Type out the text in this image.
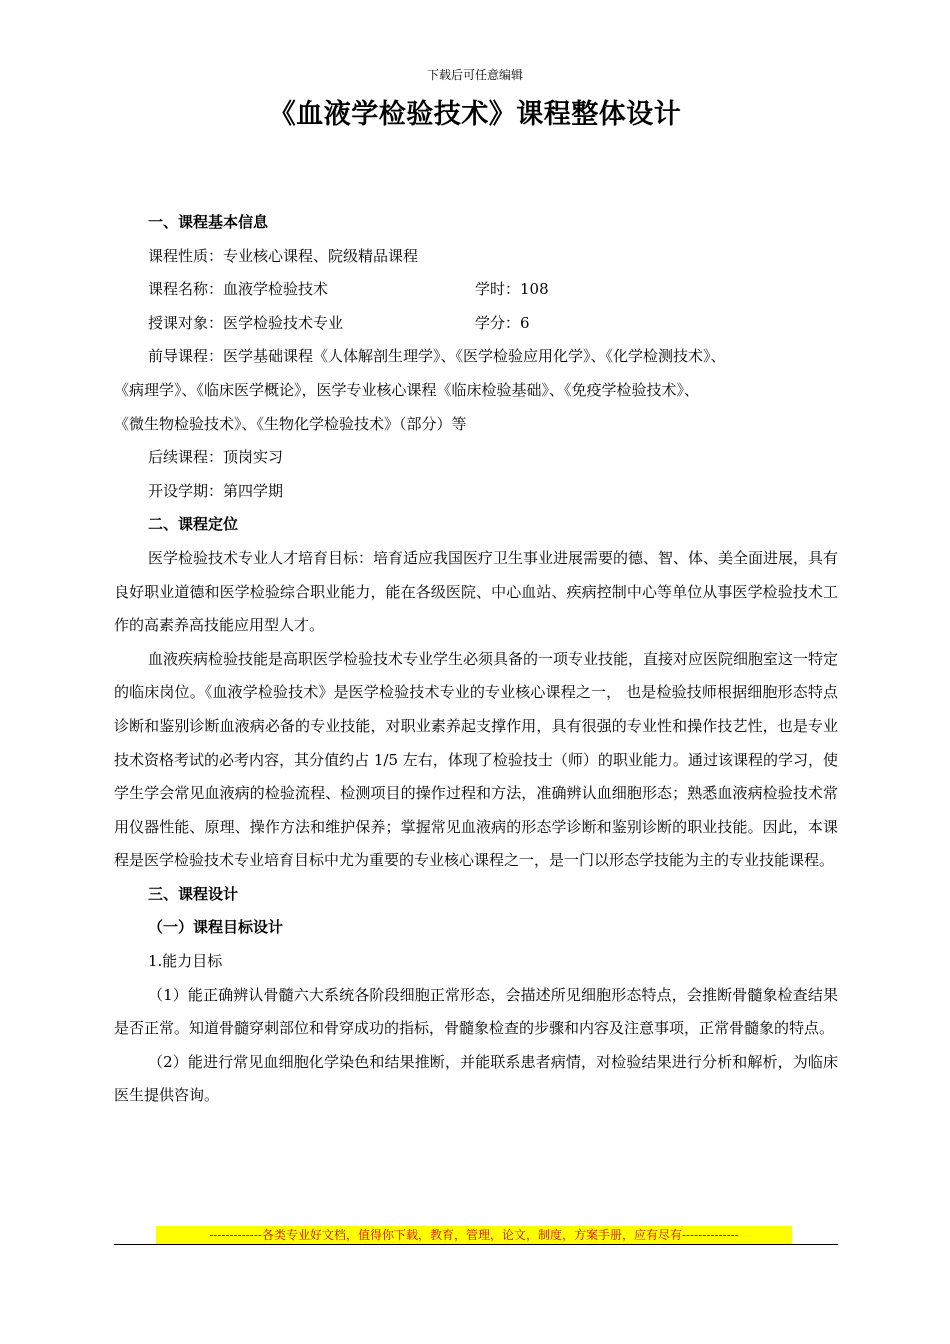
下载后可任意编辑
《血液学检验技术》课程整体设计
一、课程基本信息
课程性质：专业核心课程、院级精品课程
课程名称：血液学检验技术	学时：108
授课对象：医学检验技术专业	学分：6
前导课程：医学基础课程《人体解剖生理学》、《医学检验应用化学》、《化学检测技术》、
《病理学》、《临床医学概论》，医学专业核心课程《临床检验基础》、《免疫学检验技术》、
《微生物检验技术》、《生物化学检验技术》（部分）等
后续课程：顶岗实习
开设学期：第四学期
二、课程定位

医学检验技术专业人才培育目标：培育适应我国医疗卫生事业进展需要的德、智、体、美全面进展，具有良好职业道德和医学检验综合职业能力，能在各级医院、中心血站、疾病控制中心等单位从事医学检验技术工作的高素养高技能应用型人才。

血液疾病检验技能是高职医学检验技术专业学生必须具备的一项专业技能，直接对应医院细胞室这一特定的临床岗位。《血液学检验技术》是医学检验技术专业的专业核心课程之一， 也是检验技师根据细胞形态特点诊断和鉴别诊断血液病必备的专业技能，对职业素养起支撑作用，具有很强的专业性和操作技艺性，也是专业技术资格考试的必考内容，其分值约占 1/5 左右，体现了检验技士（师）的职业能力。通过该课程的学习，使学生学会常见血液病的检验流程、检测项目的操作过程和方法，准确辨认血细胞形态；熟悉血液病检验技术常用仪器性能、原理、操作方法和维护保养；掌握常见血液病的形态学诊断和鉴别诊断的职业技能。因此，本课程是医学检验技术专业培育目标中尤为重要的专业核心课程之一，是一门以形态学技能为主的专业技能课程。

三、课程设计
（一）课程目标设计
1.能力目标

（1）能正确辨认骨髓六大系统各阶段细胞正常形态，会描述所见细胞形态特点，会推断骨髓象检查结果是否正常。知道骨髓穿刺部位和骨穿成功的指标，骨髓象检查的步骤和内容及注意事项，正常骨髓象的特点。

（2）能进行常见血细胞化学染色和结果推断，并能联系患者病情，对检验结果进行分析和解析，为临床医生提供咨询。

-------------各类专业好文档，值得你下载，教育，管理，论文，制度，方案手册，应有尽有--------------
